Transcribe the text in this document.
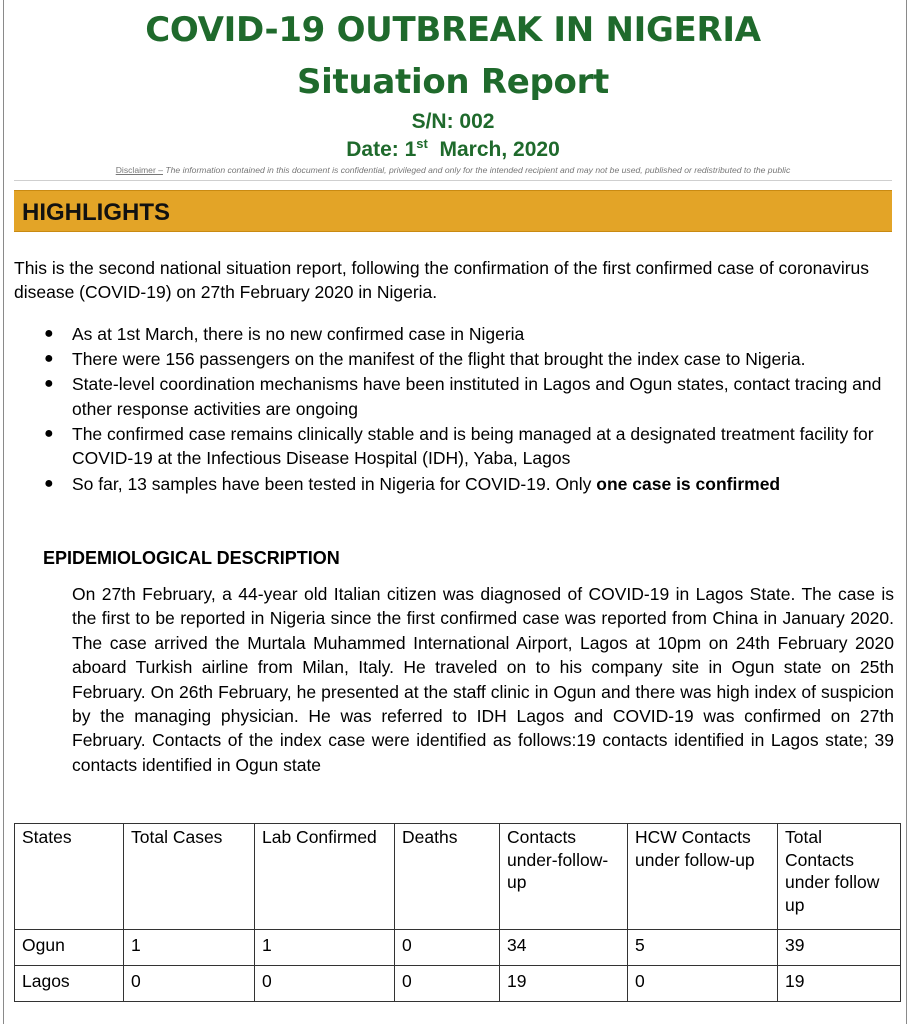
COVID-19 OUTBREAK IN NIGERIA
Situation Report
S/N: 002
Date: 1st  March, 2020
Disclaimer – The information contained in this document is confidential, privileged and only for the intended recipient and may not be used, published or redistributed to the public
HIGHLIGHTS

This is the second national situation report, following the confirmation of the first confirmed case of coronavirus disease (COVID-19) on 27th February 2020 in Nigeria.

● As at 1st March, there is no new confirmed case in Nigeria
● There were 156 passengers on the manifest of the flight that brought the index case to Nigeria.
● State-level coordination mechanisms have been instituted in Lagos and Ogun states, contact tracing and other response activities are ongoing
● The confirmed case remains clinically stable and is being managed at a designated treatment facility for COVID-19 at the Infectious Disease Hospital (IDH), Yaba, Lagos
● So far, 13 samples have been tested in Nigeria for COVID-19. Only one case is confirmed
EPIDEMIOLOGICAL DESCRIPTION

On 27th February, a 44-year old Italian citizen was diagnosed of COVID-19 in Lagos State. The case is the first to be reported in Nigeria since the first confirmed case was reported from China in January 2020. The case arrived the Murtala Muhammed International Airport, Lagos at 10pm on 24th February 2020 aboard Turkish airline from Milan, Italy. He traveled on to his company site in Ogun state on 25th February. On 26th February, he presented at the staff clinic in Ogun and there was high index of suspicion by the managing physician. He was referred to IDH Lagos and COVID-19 was confirmed on 27th February. Contacts of the index case were identified as follows:19 contacts identified in Lagos state; 39 contacts identified in Ogun state

States	Total Cases	Lab Confirmed	Deaths	Contacts under-follow-up	HCW Contacts under follow-up	Total Contacts under follow up
Ogun	1	1	0	34	5	39
Lagos	0	0	0	19	0	19
